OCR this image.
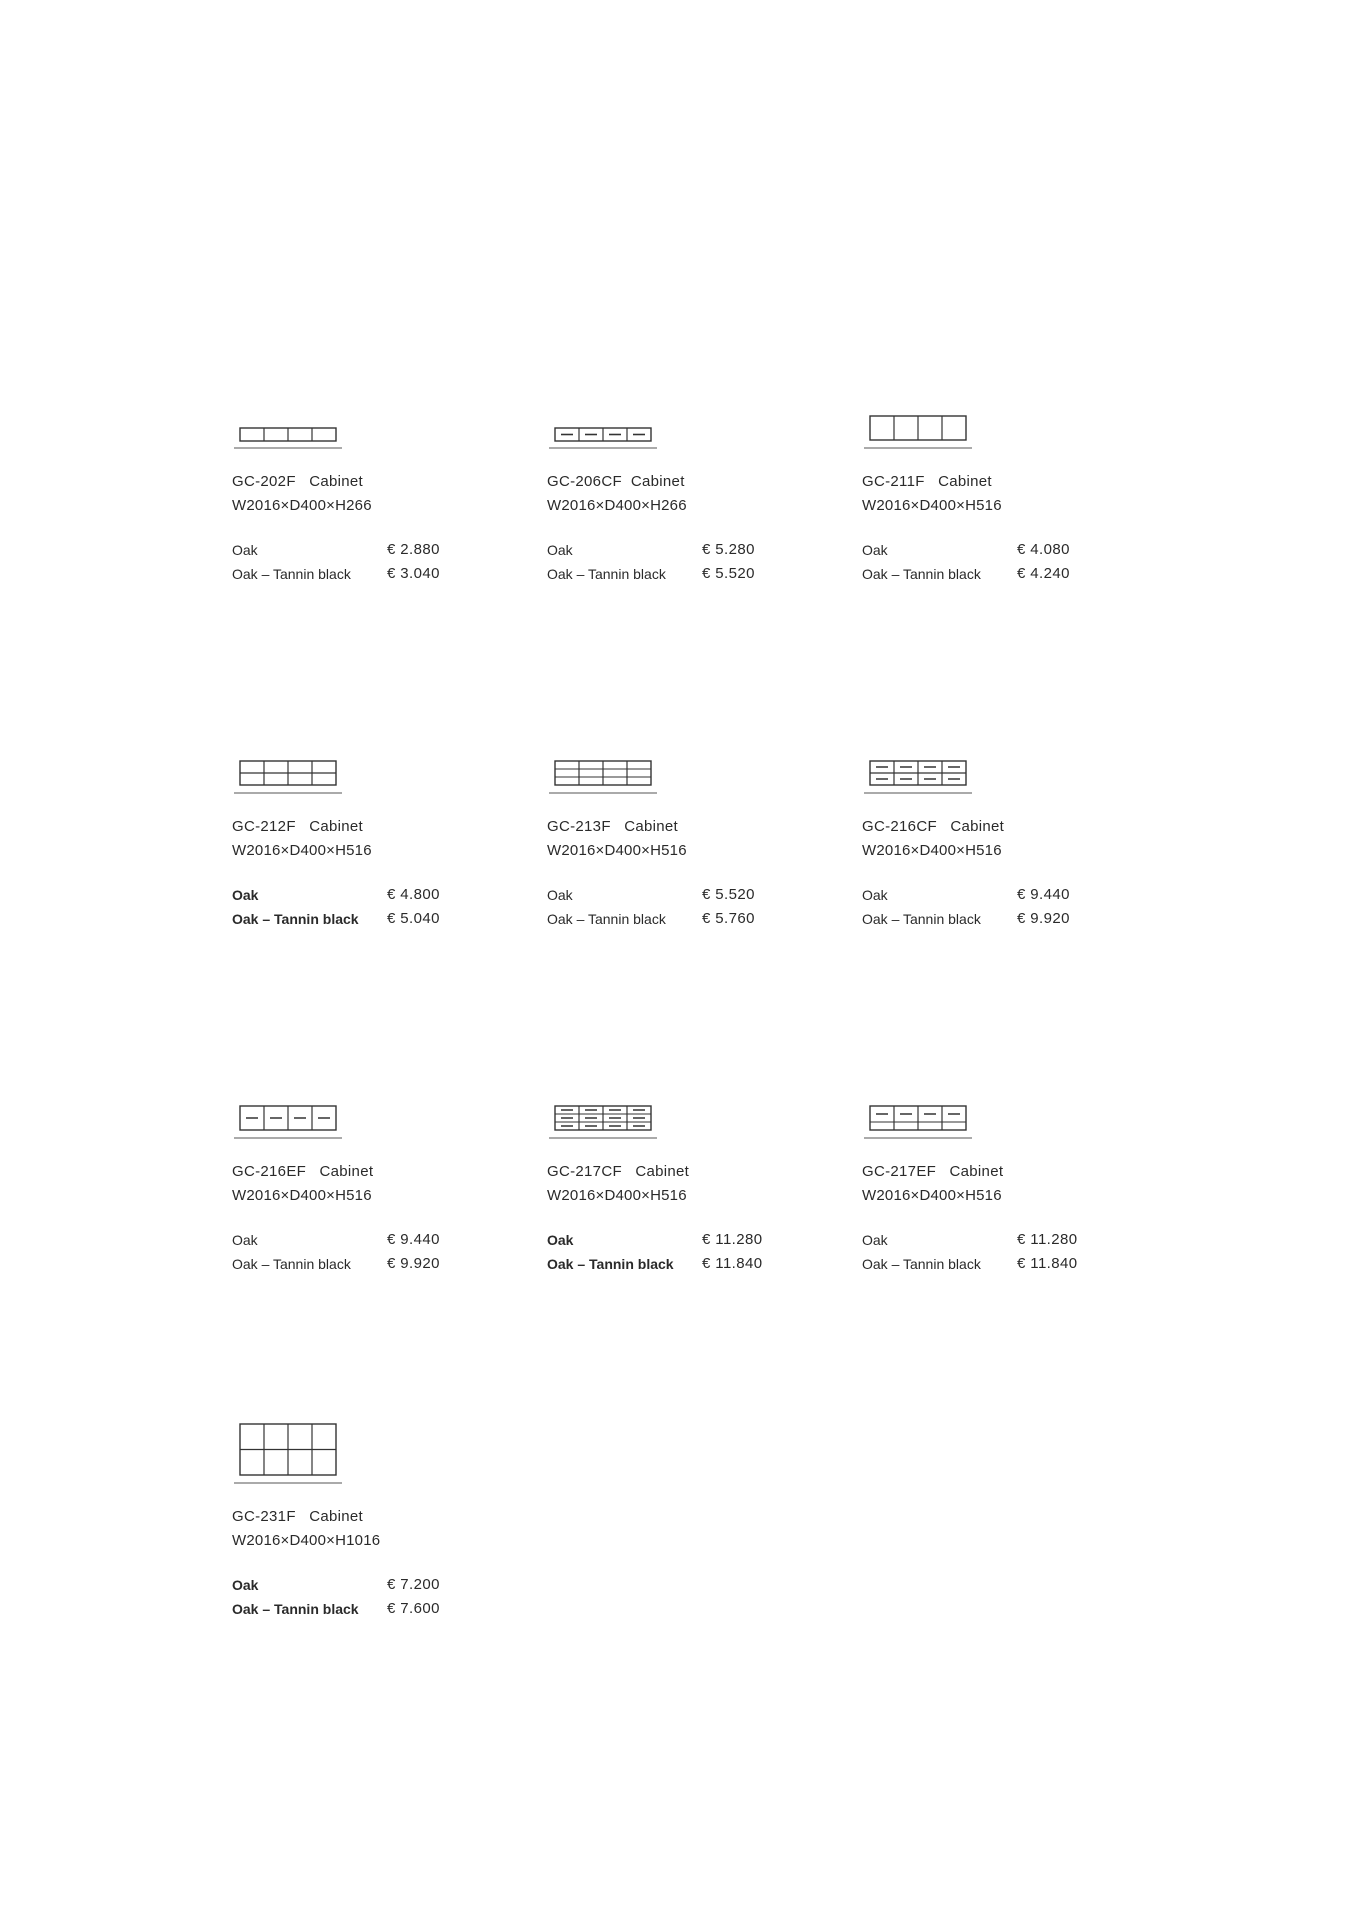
GC-202F Cabinet
W2016×D400×H266
Oak	€ 2.880
Oak – Tannin black € 3.040
GC-206CF Cabinet
W2016×D400×H266
Oak	€ 5.280
Oak – Tannin black € 5.520
GC-211F Cabinet
W2016×D400×H516
Oak	€ 4.080
Oak – Tannin black € 4.240
GC-212F Cabinet
W2016×D400×H516
Oak	€ 4.800
Oak – Tannin black € 5.040
GC-213F Cabinet
W2016×D400×H516
Oak	€ 5.520
Oak – Tannin black € 5.760
GC-216CF Cabinet
W2016×D400×H516
Oak	€ 9.440
Oak – Tannin black € 9.920
GC-216EF Cabinet
W2016×D400×H516
Oak	€ 9.440
Oak – Tannin black € 9.920
GC-217CF Cabinet
W2016×D400×H516
Oak	€ 11.280
Oak – Tannin black € 11.840
GC-217EF Cabinet
W2016×D400×H516
Oak	€ 11.280
Oak – Tannin black € 11.840
GC-231F Cabinet
W2016×D400×H1016
Oak	€ 7.200
Oak – Tannin black € 7.600
